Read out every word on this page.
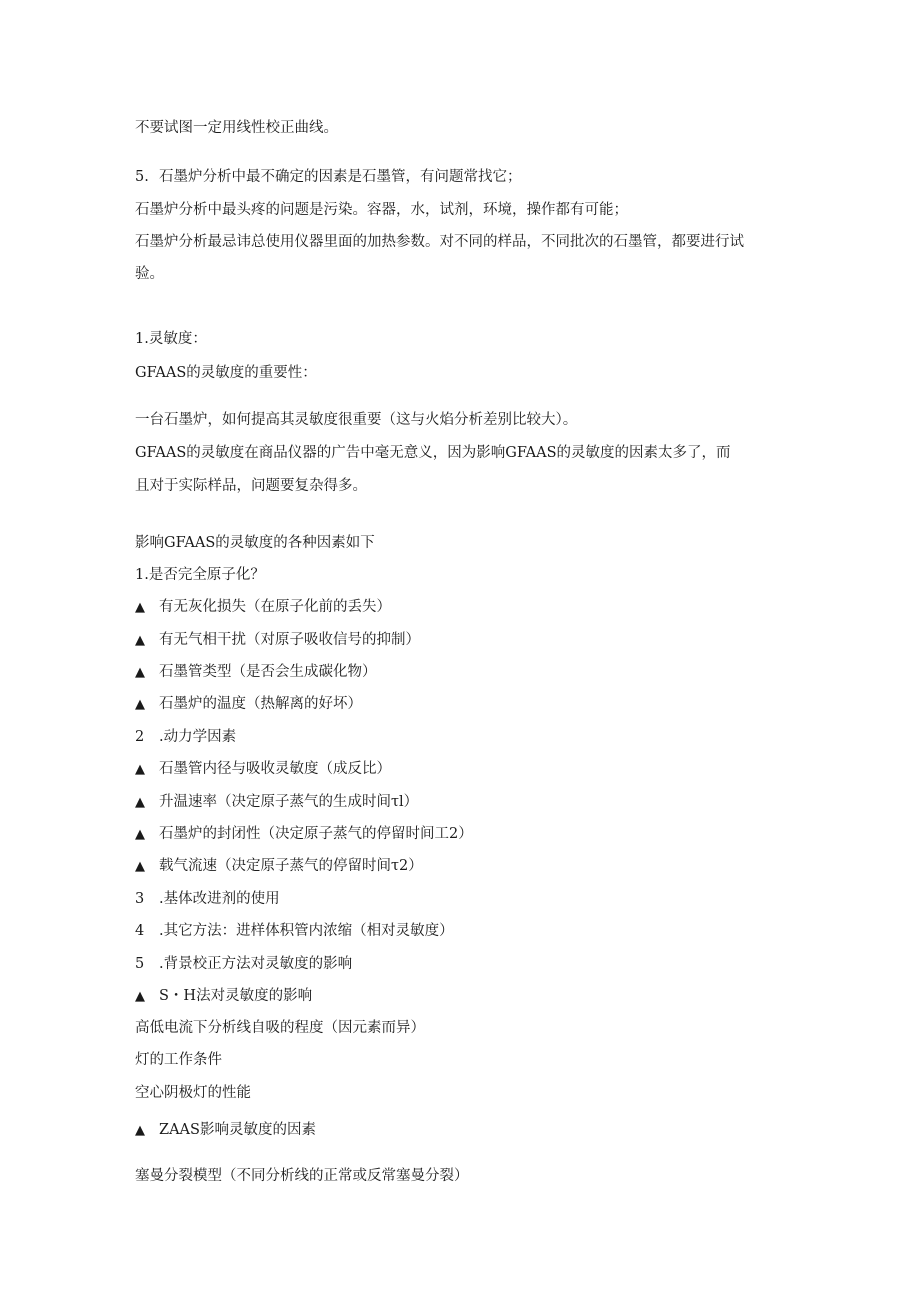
不要试图一定用线性校正曲线。
5. 石墨炉分析中最不确定的因素是石墨管，有问题常找它；
石墨炉分析中最头疼的问题是污染。容器，水，试剂，环境，操作都有可能；
石墨炉分析最忌讳总使用仪器里面的加热参数。对不同的样品，不同批次的石墨管，都要进行试
验。
1.灵敏度：
GFAAS的灵敏度的重要性：
一台石墨炉，如何提高其灵敏度很重要（这与火焰分析差别比较大）。
GFAAS的灵敏度在商品仪器的广告中毫无意义，因为影响GFAAS的灵敏度的因素太多了，而
且对于实际样品，问题要复杂得多。
影响GFAAS的灵敏度的各种因素如下
1.是否完全原子化？
▲ 有无灰化损失（在原子化前的丢失）
▲ 有无气相干扰（对原子吸收信号的抑制）
▲ 石墨管类型（是否会生成碳化物）
▲ 石墨炉的温度（热解离的好坏）
2 .动力学因素
▲ 石墨管内径与吸收灵敏度（成反比）
▲ 升温速率（决定原子蒸气的生成时间τl）
▲ 石墨炉的封闭性（决定原子蒸气的停留时间工2）
▲ 载气流速（决定原子蒸气的停留时间τ2）
3 .基体改进剂的使用
4 .其它方法：进样体积管内浓缩（相对灵敏度）
5 .背景校正方法对灵敏度的影响
▲ S・H法对灵敏度的影响
高低电流下分析线自吸的程度（因元素而异）
灯的工作条件
空心阴极灯的性能
▲ ZAAS影响灵敏度的因素
塞曼分裂模型（不同分析线的正常或反常塞曼分裂）
